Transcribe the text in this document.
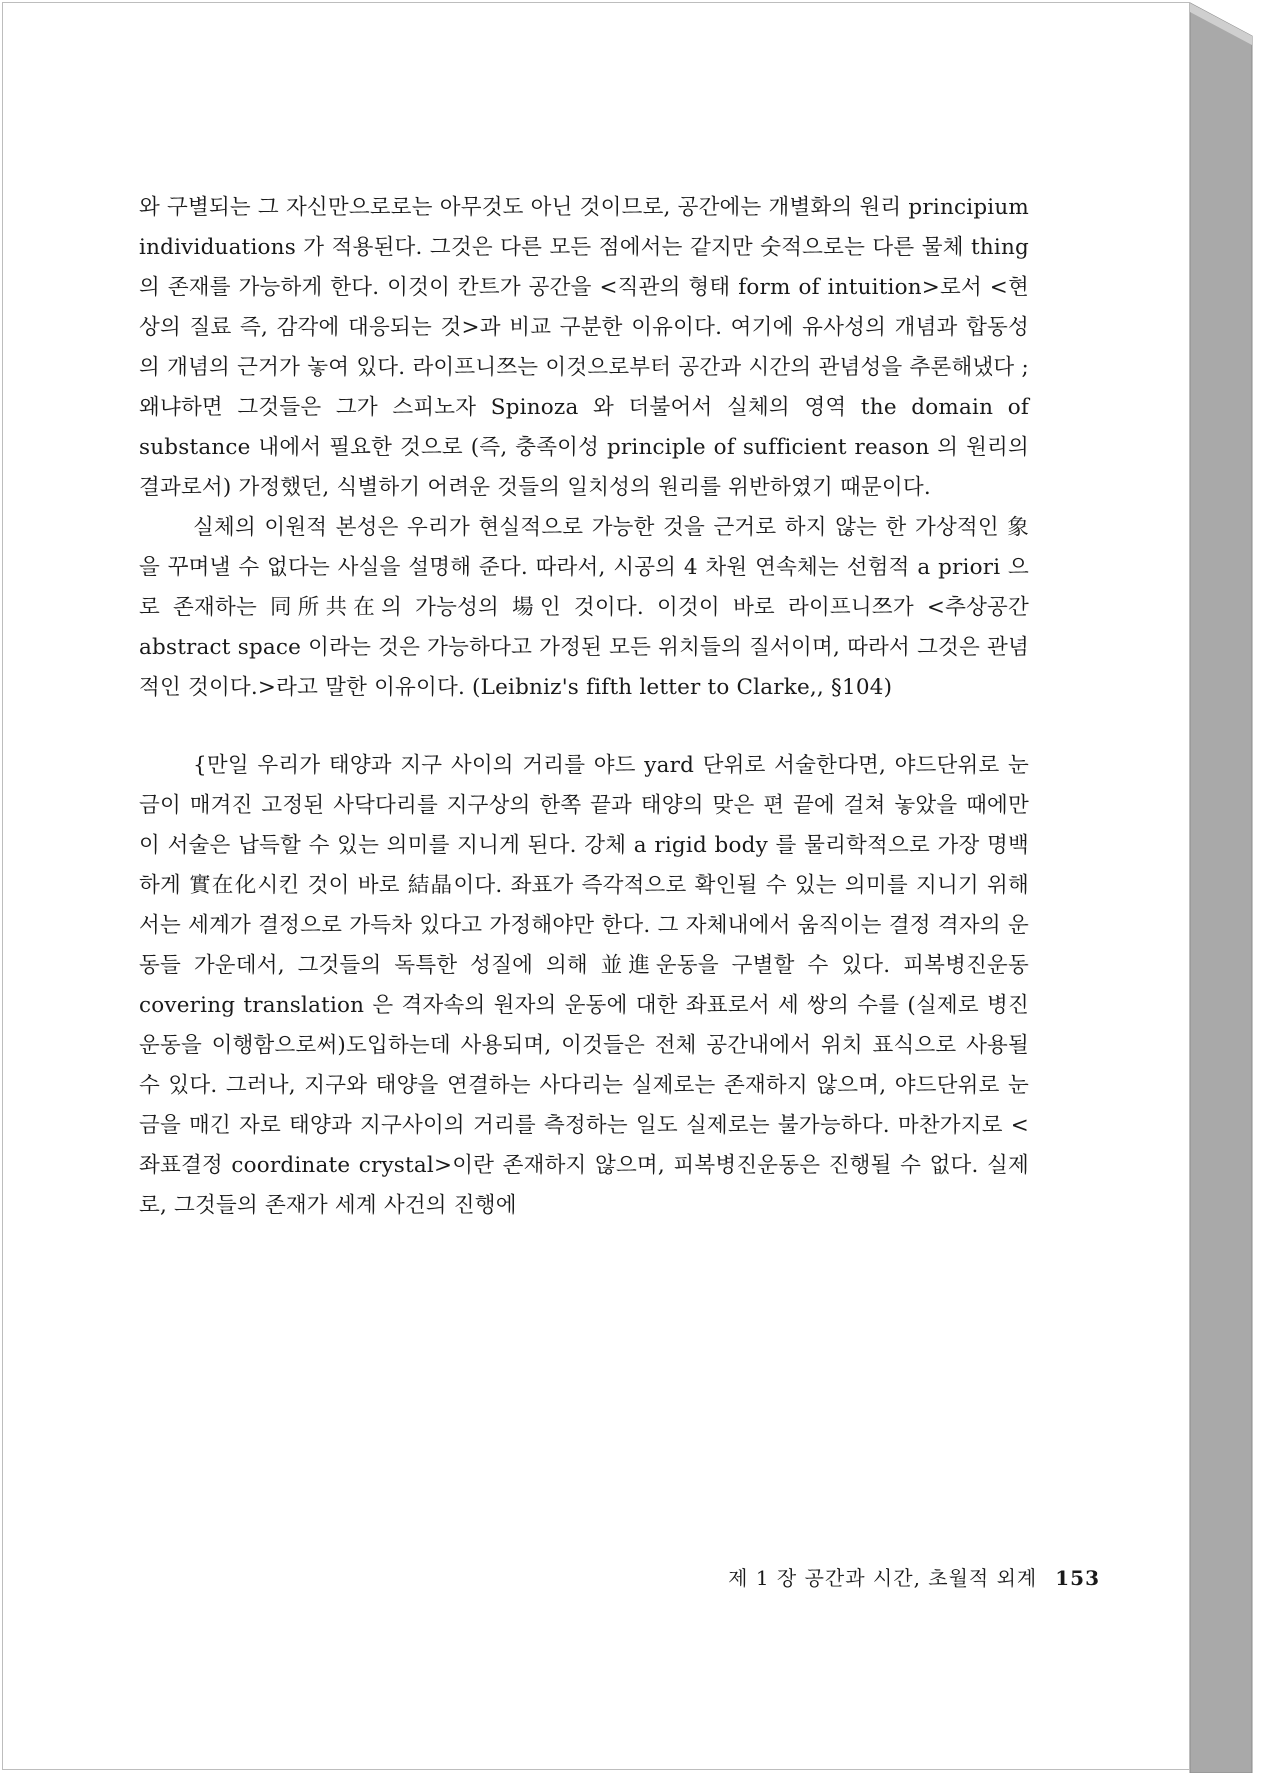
와 구별되는 그 자신만으로로는 아무것도 아닌 것이므로, 공간에는 개별화의 원리 principium individuations 가 적용된다. 그것은 다른 모든 점에서는 같지만 숫적으로는 다른 물체 thing 의 존재를 가능하게 한다. 이것이 칸트가 공간을 <직관의 형태 form of intuition>로서 <현상의 질료 즉, 감각에 대응되는 것>과 비교 구분한 이유이다. 여기에 유사성의 개념과 합동성의 개념의 근거가 놓여 있다. 라이프니쯔는 이것으로부터 공간과 시간의 관념성을 추론해냈다 ; 왜냐하면 그것들은 그가 스피노자 Spinoza 와 더불어서 실체의 영역 the domain of substance 내에서 필요한 것으로 (즉, 충족이성 principle of sufficient reason 의 원리의 결과로서) 가정했던, 식별하기 어려운 것들의 일치성의 원리를 위반하였기 때문이다.

실체의 이원적 본성은 우리가 현실적으로 가능한 것을 근거로 하지 않는 한 가상적인 象을 꾸며낼 수 없다는 사실을 설명해 준다. 따라서, 시공의 4 차원 연속체는 선험적 a priori 으로 존재하는 同所共在의 가능성의 場인 것이다. 이것이 바로 라이프니쯔가 <추상공간 abstract space 이라는 것은 가능하다고 가정된 모든 위치들의 질서이며, 따라서 그것은 관념적인 것이다.>라고 말한 이유이다. (Leibniz's fifth letter to Clarke,, §104)

{만일 우리가 태양과 지구 사이의 거리를 야드 yard 단위로 서술한다면, 야드단위로 눈금이 매겨진 고정된 사닥다리를 지구상의 한쪽 끝과 태양의 맞은 편 끝에 걸쳐 놓았을 때에만 이 서술은 납득할 수 있는 의미를 지니게 된다. 강체 a rigid body 를 물리학적으로 가장 명백하게 實在化시킨 것이 바로 結晶이다. 좌표가 즉각적으로 확인될 수 있는 의미를 지니기 위해서는 세계가 결정으로 가득차 있다고 가정해야만 한다. 그 자체내에서 움직이는 결정 격자의 운동들 가운데서, 그것들의 독특한 성질에 의해 並進운동을 구별할 수 있다. 피복병진운동 covering translation 은 격자속의 원자의 운동에 대한 좌표로서 세 쌍의 수를 (실제로 병진운동을 이행함으로써)도입하는데 사용되며, 이것들은 전체 공간내에서 위치 표식으로 사용될 수 있다. 그러나, 지구와 태양을 연결하는 사다리는 실제로는 존재하지 않으며, 야드단위로 눈금을 매긴 자로 태양과 지구사이의 거리를 측정하는 일도 실제로는 불가능하다. 마찬가지로 <좌표결정 coordinate crystal>이란 존재하지 않으며, 피복병진운동은 진행될 수 없다. 실제로, 그것들의 존재가 세계 사건의 진행에

제 1 장 공간과 시간, 초월적 외계 153
